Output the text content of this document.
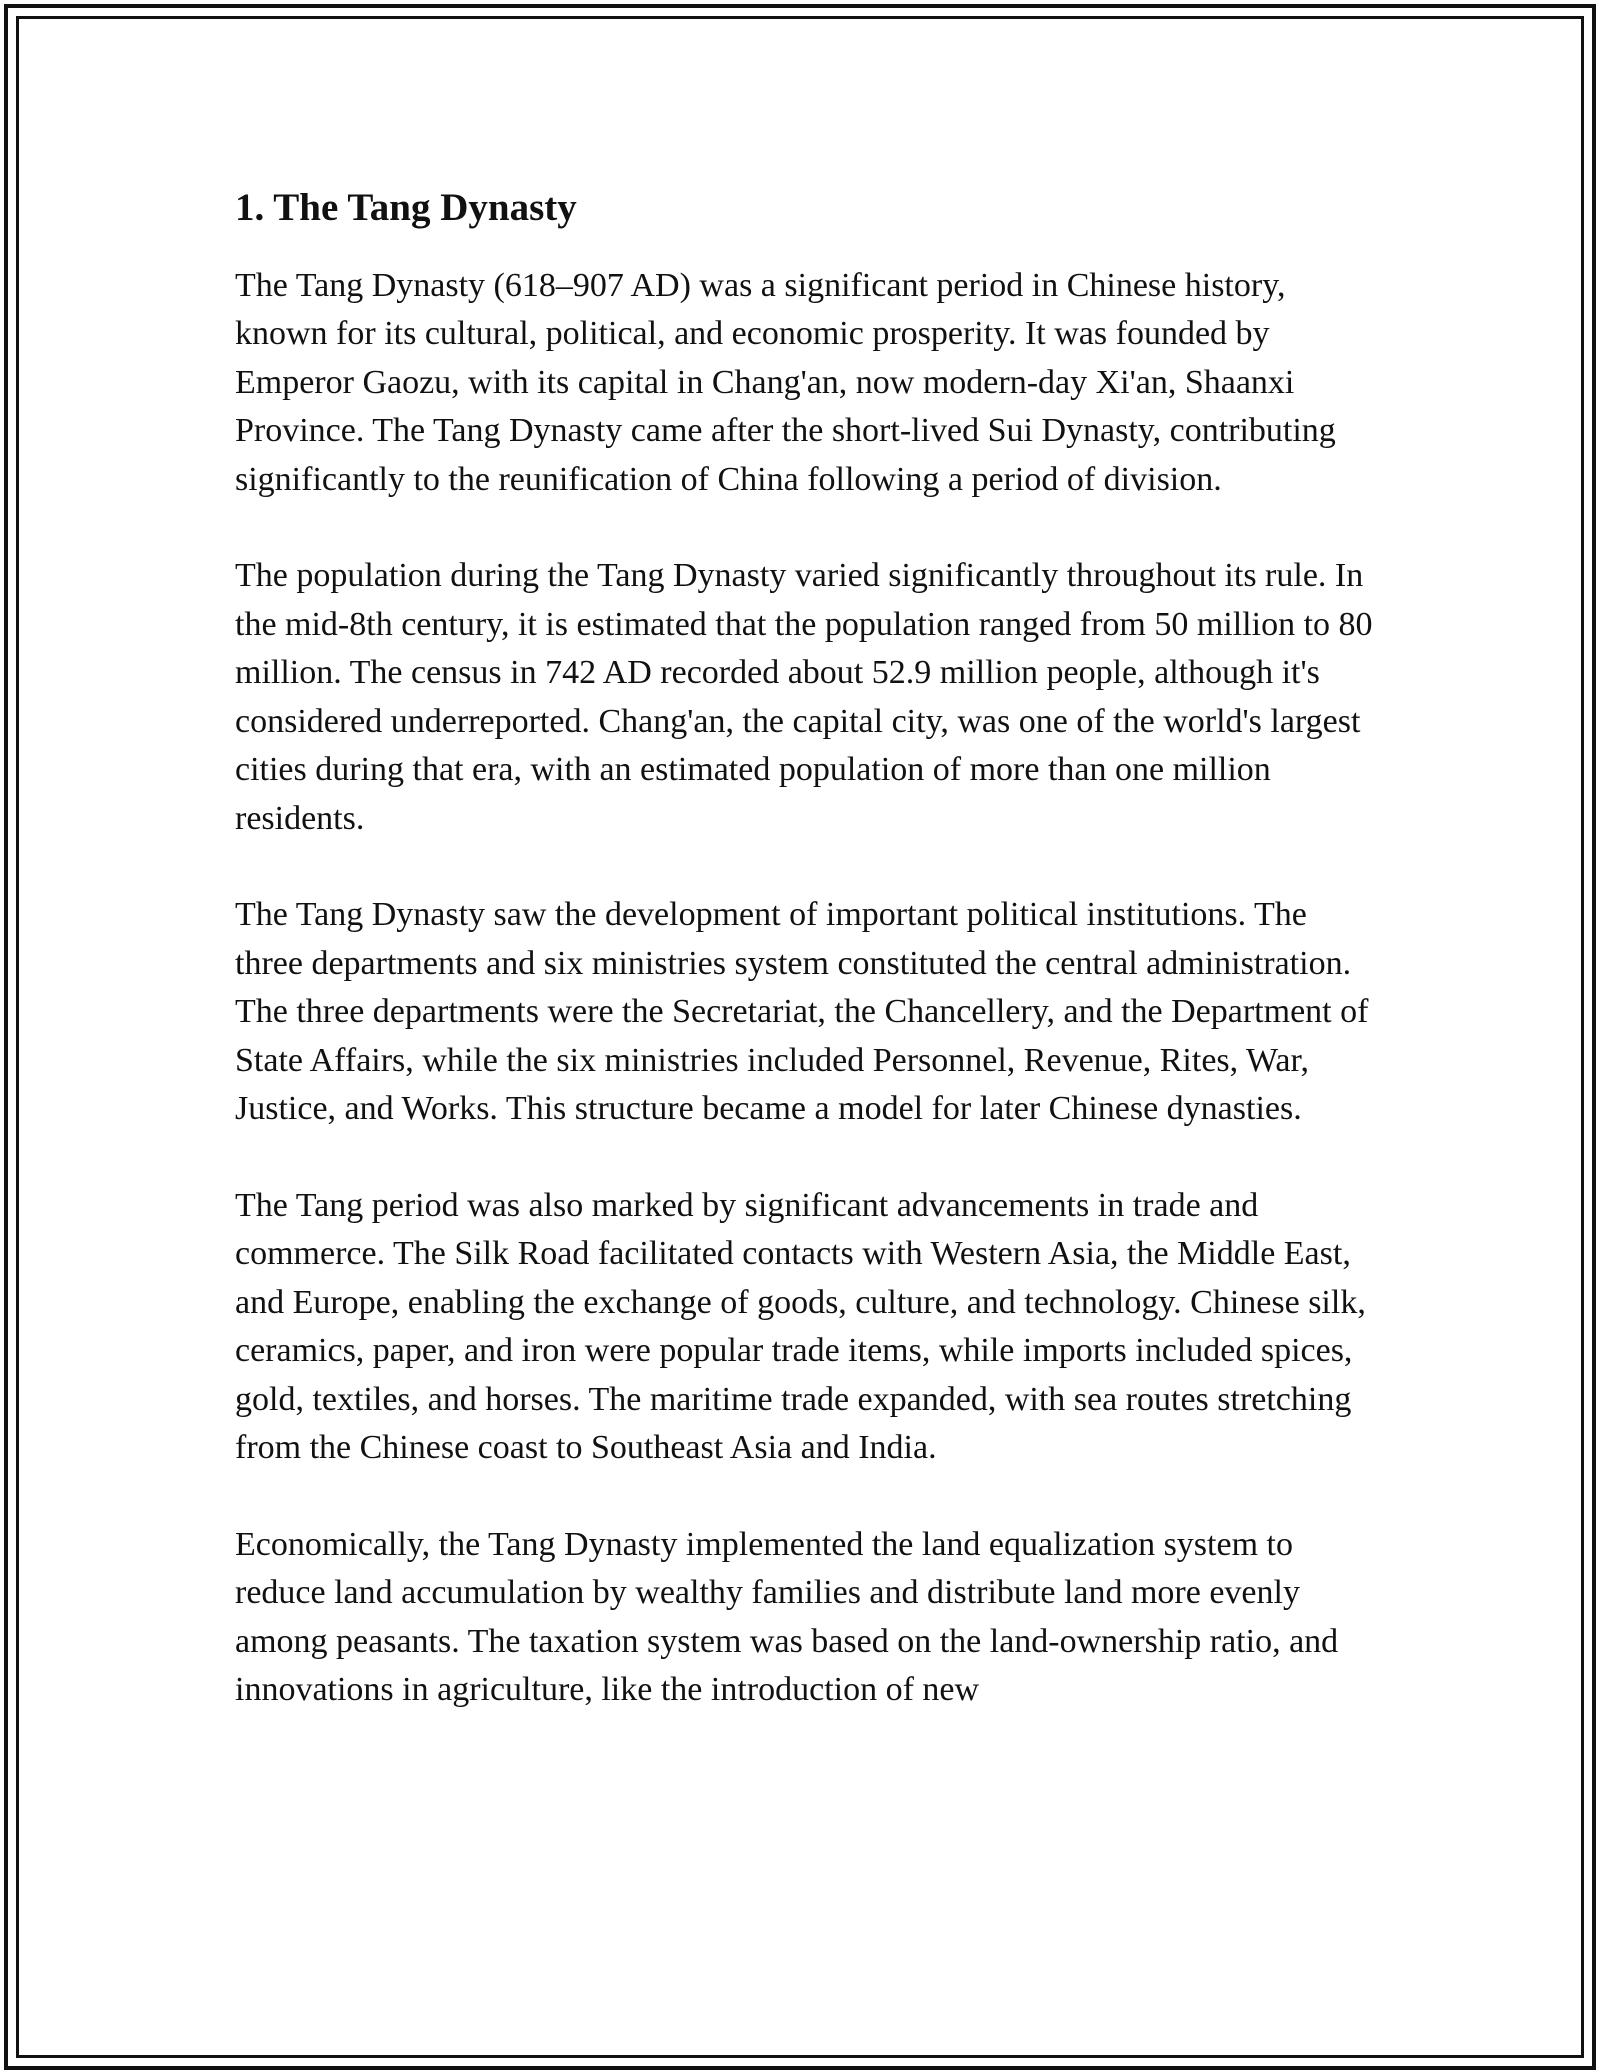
1. The Tang Dynasty

The Tang Dynasty (618–907 AD) was a significant period in Chinese history, known for its cultural, political, and economic prosperity. It was founded by Emperor Gaozu, with its capital in Chang'an, now modern-day Xi'an, Shaanxi Province. The Tang Dynasty came after the short-lived Sui Dynasty, contributing significantly to the reunification of China following a period of division.

The population during the Tang Dynasty varied significantly throughout its rule. In the mid-8th century, it is estimated that the population ranged from 50 million to 80 million. The census in 742 AD recorded about 52.9 million people, although it's considered underreported. Chang'an, the capital city, was one of the world's largest cities during that era, with an estimated population of more than one million residents.

The Tang Dynasty saw the development of important political institutions. The three departments and six ministries system constituted the central administration. The three departments were the Secretariat, the Chancellery, and the Department of State Affairs, while the six ministries included Personnel, Revenue, Rites, War, Justice, and Works. This structure became a model for later Chinese dynasties.

The Tang period was also marked by significant advancements in trade and commerce. The Silk Road facilitated contacts with Western Asia, the Middle East, and Europe, enabling the exchange of goods, culture, and technology. Chinese silk, ceramics, paper, and iron were popular trade items, while imports included spices, gold, textiles, and horses. The maritime trade expanded, with sea routes stretching from the Chinese coast to Southeast Asia and India.

Economically, the Tang Dynasty implemented the land equalization system to reduce land accumulation by wealthy families and distribute land more evenly among peasants. The taxation system was based on the land-ownership ratio, and innovations in agriculture, like the introduction of new
